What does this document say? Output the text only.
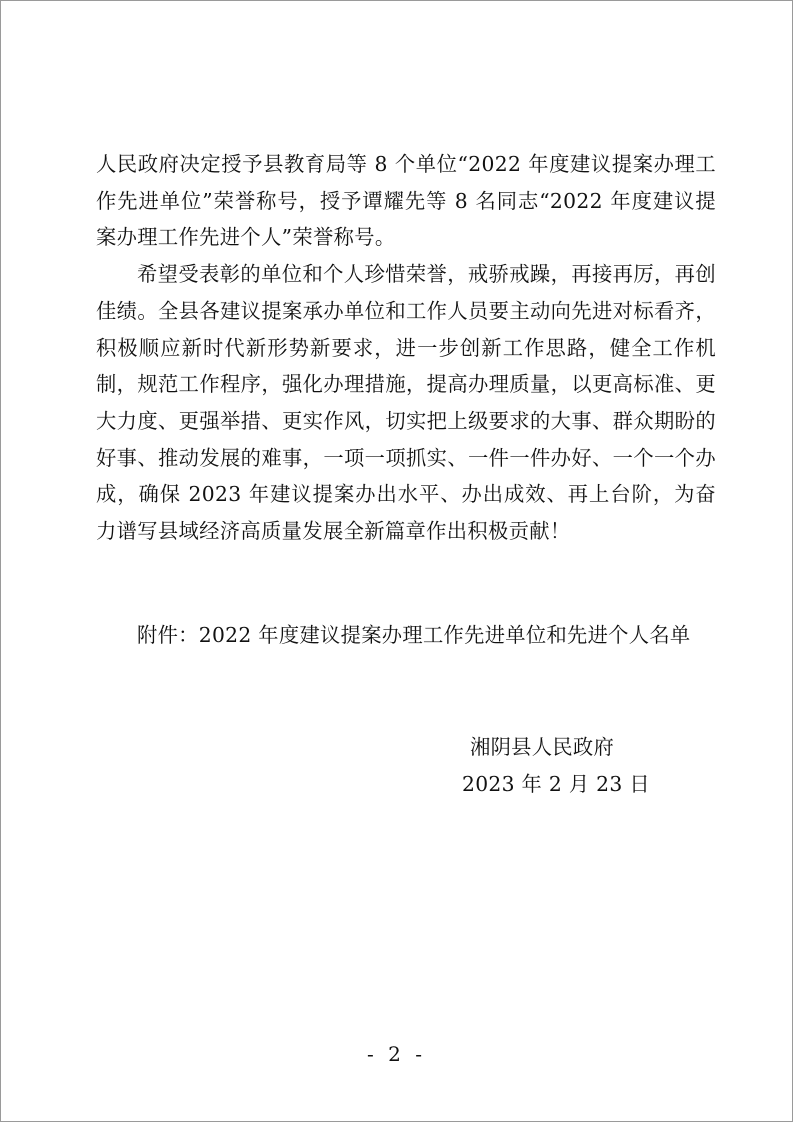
人民政府决定授予县教育局等 8 个单位“2022 年度建议提案办理工作先进单位”荣誉称号，授予谭耀先等 8 名同志“2022 年度建议提案办理工作先进个人”荣誉称号。

希望受表彰的单位和个人珍惜荣誉，戒骄戒躁，再接再厉，再创佳绩。全县各建议提案承办单位和工作人员要主动向先进对标看齐，积极顺应新时代新形势新要求，进一步创新工作思路，健全工作机制，规范工作程序，强化办理措施，提高办理质量，以更高标准、更大力度、更强举措、更实作风，切实把上级要求的大事、群众期盼的好事、推动发展的难事，一项一项抓实、一件一件办好、一个一个办成，确保 2023 年建议提案办出水平、办出成效、再上台阶，为奋力谱写县域经济高质量发展全新篇章作出积极贡献！

附件：2022 年度建议提案办理工作先进单位和先进个人名单
湘阴县人民政府
2023 年 2 月 23 日
- 2 -
